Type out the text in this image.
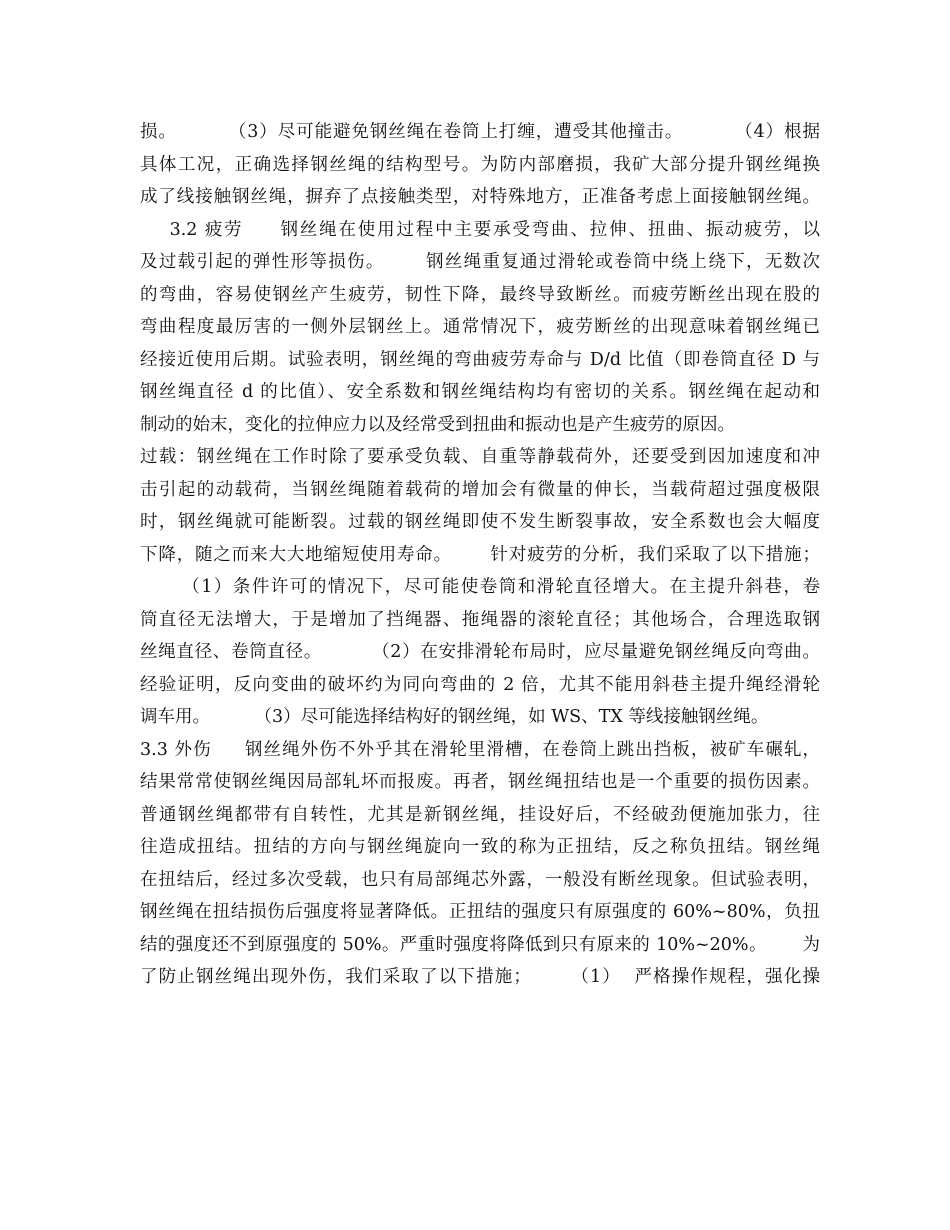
损。        （3）尽可能避免钢丝绳在卷筒上打缠，遭受其他撞击。        （4）根据
具体工况，正确选择钢丝绳的结构型号。为防内部磨损，我矿大部分提升钢丝绳换
成了线接触钢丝绳，摒弃了点接触类型，对特殊地方，正准备考虑上面接触钢丝绳。
3.2 疲劳     钢丝绳在使用过程中主要承受弯曲、拉伸、扭曲、振动疲劳，以
及过载引起的弹性形等损伤。      钢丝绳重复通过滑轮或卷筒中绕上绕下，无数次
的弯曲，容易使钢丝产生疲劳，韧性下降，最终导致断丝。而疲劳断丝出现在股的
弯曲程度最厉害的一侧外层钢丝上。通常情况下，疲劳断丝的出现意味着钢丝绳已
经接近使用后期。试验表明，钢丝绳的弯曲疲劳寿命与 D/d 比值（即卷筒直径 D 与
钢丝绳直径 d 的比值）、安全系数和钢丝绳结构均有密切的关系。钢丝绳在起动和
制动的始末，变化的拉伸应力以及经常受到扭曲和振动也是产生疲劳的原因。
过载：钢丝绳在工作时除了要承受负载、自重等静载荷外，还要受到因加速度和冲
击引起的动载荷，当钢丝绳随着载荷的增加会有微量的伸长，当载荷超过强度极限
时，钢丝绳就可能断裂。过载的钢丝绳即使不发生断裂事故，安全系数也会大幅度
下降，随之而来大大地缩短使用寿命。      针对疲劳的分析，我们采取了以下措施；
（1）条件许可的情况下，尽可能使卷筒和滑轮直径增大。在主提升斜巷，卷
筒直径无法增大，于是增加了挡绳器、拖绳器的滚轮直径；其他场合，合理选取钢
丝绳直径、卷筒直径。        （2）在安排滑轮布局时，应尽量避免钢丝绳反向弯曲。
经验证明，反向变曲的破坏约为同向弯曲的 2 倍，尤其不能用斜巷主提升绳经滑轮
调车用。        （3）尽可能选择结构好的钢丝绳，如 WS、TX 等线接触钢丝绳。
3.3 外伤     钢丝绳外伤不外乎其在滑轮里滑槽，在卷筒上跳出挡板，被矿车碾轧，
结果常常使钢丝绳因局部轧坏而报废。再者，钢丝绳扭结也是一个重要的损伤因素。
普通钢丝绳都带有自转性，尤其是新钢丝绳，挂设好后，不经破劲便施加张力，往
往造成扭结。扭结的方向与钢丝绳旋向一致的称为正扭结，反之称负扭结。钢丝绳
在扭结后，经过多次受载，也只有局部绳芯外露，一般没有断丝现象。但试验表明，
钢丝绳在扭结损伤后强度将显著降低。正扭结的强度只有原强度的 60%~80%，负扭
结的强度还不到原强度的 50%。严重时强度将降低到只有原来的 10%~20%。      为
了防止钢丝绳出现外伤，我们采取了以下措施；      （1）  严格操作规程，强化操
